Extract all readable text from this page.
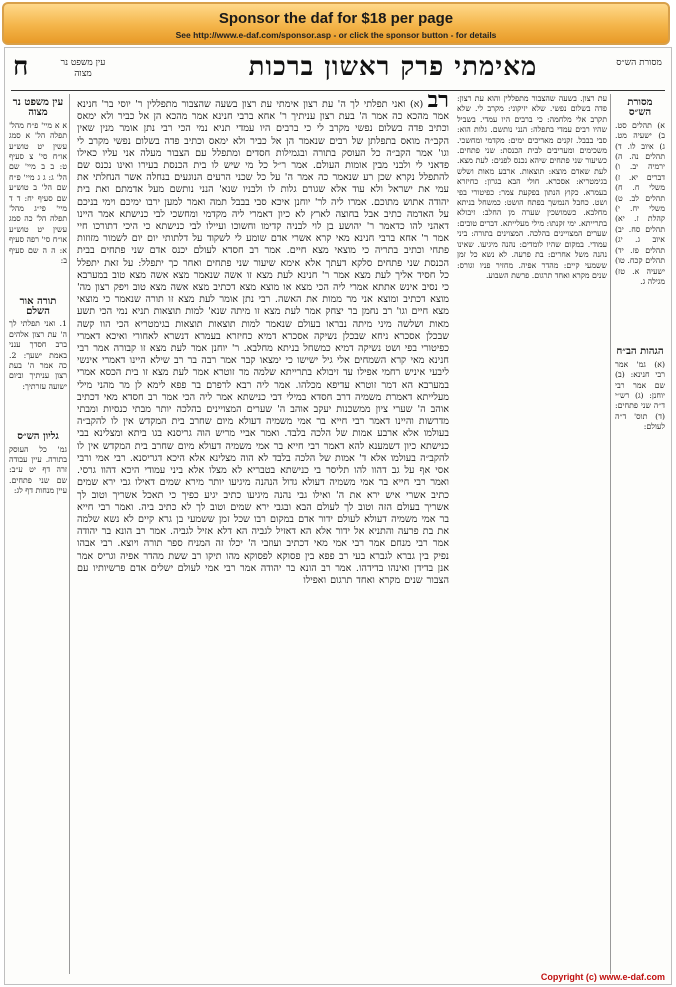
Sponsor the daf for $18 per page
See http://www.e-daf.com/sponsor.asp - or click the sponsor button - for details
מסורת הש״ס
מאימתי פרק ראשון ברכות
עין משפט נר מצוה
ח
מסורת הש״ס
א) תהלים סט. ב) ישעיה מט. ג) איוב לו. ד) תהלים נה. ה) ירמיה יב. ו) דברים יא. ז) משלי ח. ח) תהלים לב. ט) משלי יח. י) קהלת ז. יא) תהלים סח. יב) איוב ג. יג) תהלים פז. יד) תהלים קכח. טו) ישעיה א. טז) מגילה ג.
הגהות הב״ח
(א) גמ' אמר רבי חנינא: (ב) שם אמר רבי יוחנן: (ג) רש״י ד״ה שני פתחים: (ד) תוס' ד״ה לעולם:
עת רצון. בשעה שהצבור מתפללין והוא עת רצון: פדה בשלום נפשי. שלא יזיקוני: מקרב לי. שלא תקרב אלי מלחמה: כי ברבים היו עמדי. בשביל שהיו רבים עמדי בתפלה: הנני נותשם. גלות הוא: סבי בבבל. זקנים מאריכים ימים: מקדמי ומחשכי. משכימים ומעריבים לבית הכנסת: שני פתחים. כשיעור שני פתחים שיהא נכנס לפנים: לעת מצא. לעת שאדם מוצא: תוצאות. ארבע מאות ושלש בגימטריא: אסכרא. חולי הבא בגרון: כחיזרא בעמרא. כקוץ הנתון בפקעת צמר: כפיטורי בפי ושט. כחבל הנמשך בפתח הושט: כמשחל בניתא מחלבא. כשמושכין שערה מן החלב: זיבולא בתרייתא. ימי זקנתו: מילי מעלייתא. דברים טובים: שערים המצויינים בהלכה. המצוינים בתורה: ביני עמודי. במקום שהיו לומדים: נהנה מיגיעו. שאינו נהנה משל אחרים: בת פרעה. לא נשא כל זמן ששמעי קיים: מהדר אפיה. מחזיר פניו וגורס: שנים מקרא ואחד תרגום. פרשת השבוע.
רב (א) ואני תפלתי לך ה' עת רצון אימתי עת רצון בשעה שהצבור מתפללין ר' יוסי בר' חנינא אמר מהכא כה אמר ה' בעת רצון עניתיך ר' אחא ברבי חנינא אמר מהכא הן אל כביר ולא ימאס וכתיב פדה בשלום נפשי מקרב לי כי ברבים היו עמדי תניא נמי הכי רבי נתן אומר מנין שאין הקב״ה מואס בתפלתן של רבים שנאמר הן אל כביר ולא ימאס וכתיב פדה בשלום נפשי מקרב לי וגו' אמר הקב״ה כל העוסק בתורה ובגמילות חסדים ומתפלל עם הצבור מעלה אני עליו כאילו פדאני לי ולבני מבין אומות העולם. אמר ר״ל כל מי שיש לו בית הכנסת בעירו ואינו נכנס שם להתפלל נקרא שכן רע שנאמר כה אמר ה' על כל שכני הרעים הנוגעים בנחלה אשר הנחלתי את עמי את ישראל ולא עוד אלא שגורם גלות לו ולבניו שנא' הנני נותשם מעל אדמתם ואת בית יהודה אתוש מתוכם. אמרו ליה לר' יוחנן איכא סבי בבבל תמה ואמר למען ירבו ימיכם וימי בניכם על האדמה כתיב אבל בחוצה לארץ לא כיון דאמרי ליה מקדמי ומחשכי לבי כנישתא אמר היינו דאהני להו כדאמר ר' יהושע בן לוי לבניה קדימו וחשוכו ועיילו לבי כנישתא כי היכי דתורכו חיי אמר ר' אחא ברבי חנינא מאי קרא אשרי אדם שומע לי לשקוד על דלתותי יום יום לשמור מזוזות פתחי וכתיב בתריה כי מוצאי מצא חיים. אמר רב חסדא לעולם יכנס אדם שני פתחים בבית הכנסת שני פתחים סלקא דעתך אלא אימא שיעור שני פתחים ואחר כך יתפלל: על זאת יתפלל כל חסיד אליך לעת מצא אמר ר' חנינא לעת מצא זו אשה שנאמר מצא אשה מצא טוב במערבא כי נסיב אינש אתתא אמרי ליה הכי מצא או מוצא מצא דכתיב מצא אשה מצא טוב ויפק רצון מה' מוצא דכתיב ומוצא אני מר ממות את האשה. רבי נתן אומר לעת מצא זו תורה שנאמר כי מוצאי מצא חיים וגו' רב נחמן בר יצחק אמר לעת מצא זו מיתה שנא' למות תוצאות תניא נמי הכי תשע מאות ושלשה מיני מיתה נבראו בעולם שנאמר למות תוצאות תוצאות בגימטריא הכי הוו קשה שבכלן אסכרא ניחא שבכלן נשיקה אסכרא דמיא כחיזרא בעמרא דנשרא לאחורי ואיכא דאמרי כפיטורי בפי ושט נשיקה דמיא כמשחל בניתא מחלבא. ר' יוחנן אמר לעת מצא זו קבורה אמר רבי חנינא מאי קרא השמחים אלי גיל ישישו כי ימצאו קבר אמר רבה בר רב שילא היינו דאמרי אינשי ליבעי איניש רחמי אפילו עד זיבולא בתרייתא שלמה מר זוטרא אמר לעת מצא זו בית הכסא אמרי במערבא הא דמר זוטרא עדיפא מכלהו. אמר ליה רבא לרפרם בר פפא לימא לן מר מהני מילי מעלייתא דאמרת משמיה דרב חסדא במילי דבי כנישתא אמר ליה הכי אמר רב חסדא מאי דכתיב אוהב ה' שערי ציון ממשכנות יעקב אוהב ה' שערים המצויינים בהלכה יותר מבתי כנסיות ומבתי מדרשות והיינו דאמר רבי חייא בר אמי משמיה דעולא מיום שחרב בית המקדש אין לו להקב״ה בעולמו אלא ארבע אמות של הלכה בלבד. ואמר אביי מריש הוה גריסנא בגו ביתא ומצלינא בבי כנישתא כיון דשמענא להא דאמר רבי חייא בר אמי משמיה דעולא מיום שחרב בית המקדש אין לו להקב״ה בעולמו אלא ד' אמות של הלכה בלבד לא הוה מצלינא אלא היכא דגריסנא. רבי אמי ורבי אסי אף על גב דהוו להו תליסר בי כנישתא בטבריא לא מצלו אלא ביני עמודי היכא דהוו גרסי. ואמר רבי חייא בר אמי משמיה דעולא גדול הנהנה מיגיעו יותר מירא שמים דאילו גבי ירא שמים כתיב אשרי איש ירא את ה' ואילו גבי נהנה מיגיעו כתיב יגיע כפיך כי תאכל אשריך וטוב לך אשריך בעולם הזה וטוב לך לעולם הבא ובגבי ירא שמים וטוב לך לא כתיב ביה. ואמר רבי חייא בר אמי משמיה דעולא לעולם ידור אדם במקום רבו שכל זמן ששמעי בן גרא קיים לא נשא שלמה את בת פרעה והתניא אל ידור אלא הא דאזיל לגביה הא דלא אזיל לגביה. אמר רב הונא בר יהודה אמר רבי מנחם אמר רבי אמי מאי דכתיב ועוזבי ה' יכלו זה המניח ספר תורה ויוצא. רבי אבהו נפיק בין גברא לגברא בעי רב פפא בין פסוקא לפסוקא מהו תיקו רב ששת מהדר אפיה וגריס אמר אנן בדידן ואינהו בדידהו. אמר רב הונא בר יהודה אמר רבי אמי לעולם ישלים אדם פרשיותיו עם הצבור שנים מקרא ואחד תרגום ואפילו
עין משפט נר מצוה
א א מיי' פ״ח מהל' תפלה הל' א סמג עשין יט טוש״ע או״ח סי' צ סעיף ט: ב ב מיי' שם הל' ג: ג ג מיי' פ״ח שם הל' ב טוש״ע שם סעיף יח: ד ד מיי' פי״ג מהל' תפלה הל' כה סמג עשין יט טוש״ע או״ח סי' רפה סעיף א: ה ה שם סעיף ב:
תורה אור השלם
1. ואני תפלתי לך ה' עת רצון אלהים ברב חסדך ענני באמת ישעך: 2. כה אמר ה' בעת רצון עניתיך וביום ישועה עזרתיך:
גליון הש״ס
גמ' כל העוסק בתורה. עיין עבודה זרה דף יט ע״ב: שם שני פתחים. עיין מנחות דף לג:
Copyright (c) www.e-daf.com
